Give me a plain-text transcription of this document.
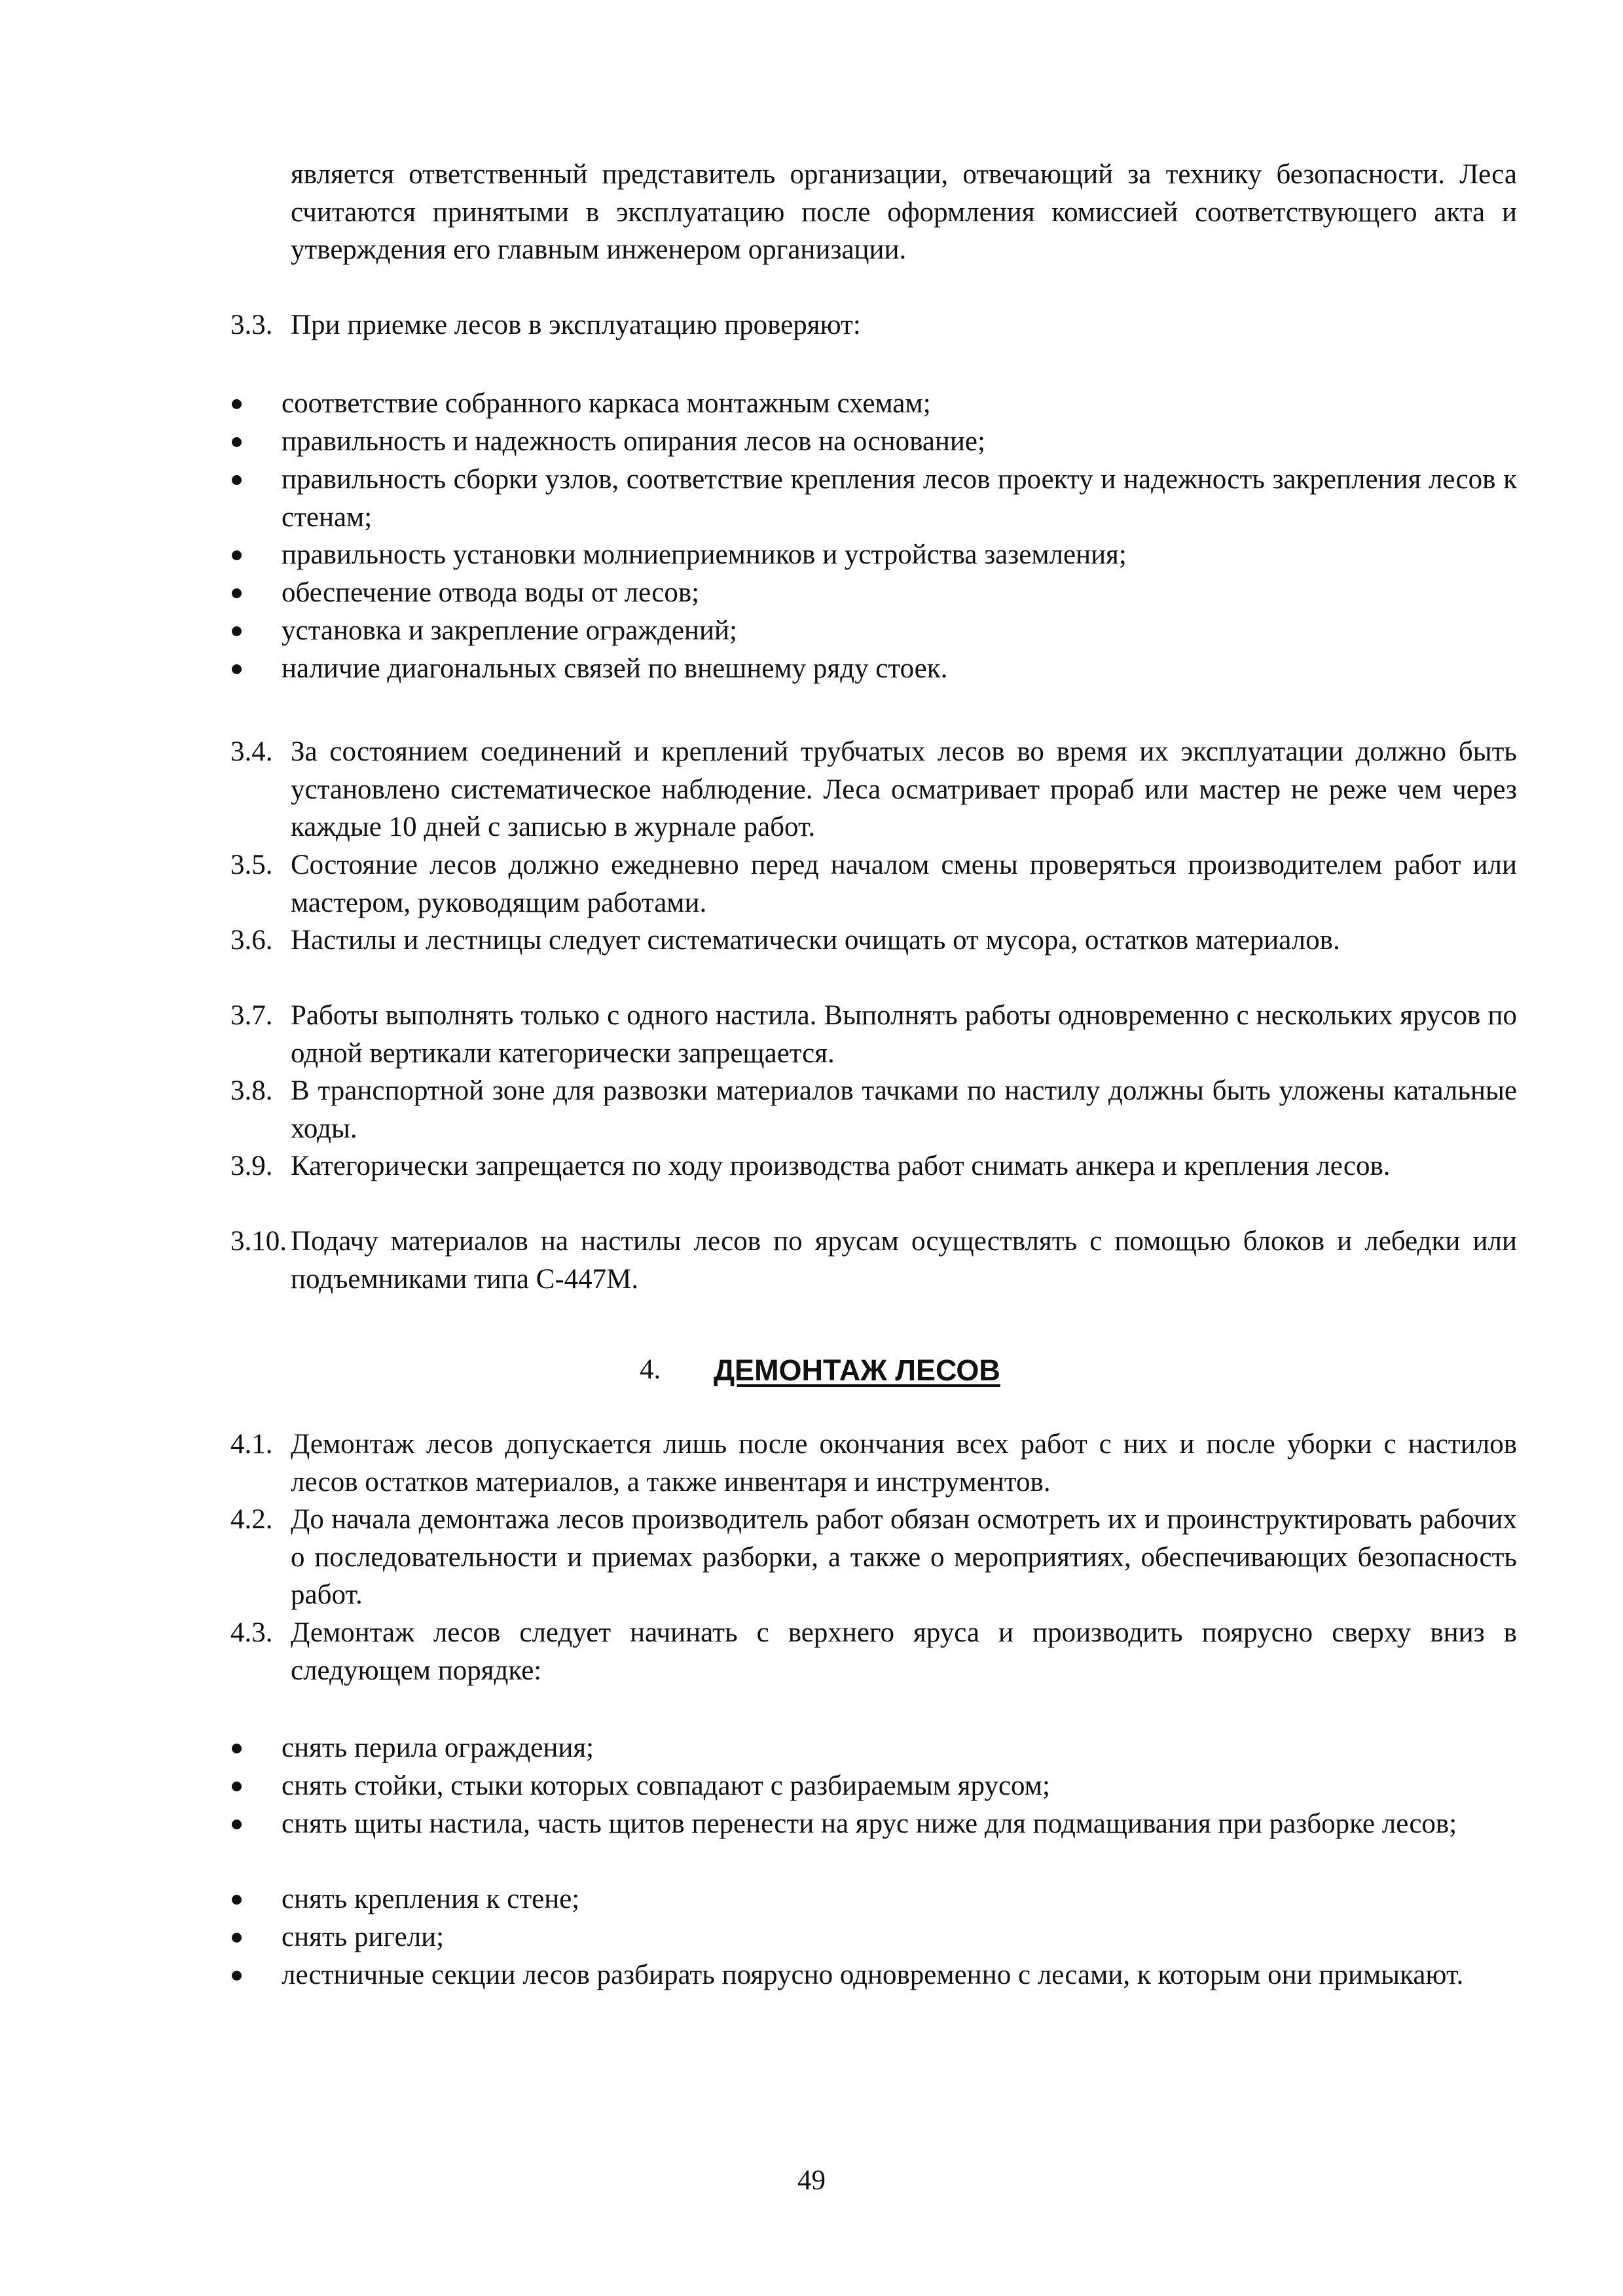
является ответственный представитель организации, отвечающий за технику безопасности. Леса считаются принятыми в эксплуатацию после оформления комиссией соответствующего акта и утверждения его главным инженером организации.

3.3. При приемке лесов в эксплуатацию проверяют:
соответствие собранного каркаса монтажным схемам;
правильность и надежность опирания лесов на основание;
правильность сборки узлов, соответствие крепления лесов проекту и надежность закрепления лесов к стенам;
правильность установки молниеприемников и устройства заземления;
обеспечение отвода воды от лесов;
установка и закрепление ограждений;
наличие диагональных связей по внешнему ряду стоек.
3.4. За состоянием соединений и креплений трубчатых лесов во время их эксплуатации должно быть установлено систематическое наблюдение. Леса осматривает прораб или мастер не реже чем через каждые 10 дней с записью в журнале работ.
3.5. Состояние лесов должно ежедневно перед началом смены проверяться производителем работ или мастером, руководящим работами.
3.6. Настилы и лестницы следует систематически очищать от мусора, остатков материалов.
3.7. Работы выполнять только с одного настила. Выполнять работы одновременно с нескольких ярусов по одной вертикали категорически запрещается.
3.8. В транспортной зоне для развозки материалов тачками по настилу должны быть уложены катальные ходы.
3.9. Категорически запрещается по ходу производства работ снимать анкера и крепления лесов.
3.10. Подачу материалов на настилы лесов по ярусам осуществлять с помощью блоков и лебедки или подъемниками типа С-447М.
4. ДЕМОНТАЖ ЛЕСОВ
4.1. Демонтаж лесов допускается лишь после окончания всех работ с них и после уборки с настилов лесов остатков материалов, а также инвентаря и инструментов.
4.2. До начала демонтажа лесов производитель работ обязан осмотреть их и проинструктировать рабочих о последовательности и приемах разборки, а также о мероприятиях, обеспечивающих безопасность работ.
4.3. Демонтаж лесов следует начинать с верхнего яруса и производить поярусно сверху вниз в следующем порядке:
снять перила ограждения;
снять стойки, стыки которых совпадают с разбираемым ярусом;
снять щиты настила, часть щитов перенести на ярус ниже для подмащивания при разборке лесов;
снять крепления к стене;
снять ригели;
лестничные секции лесов разбирать поярусно одновременно с лесами, к которым они примыкают.
49
